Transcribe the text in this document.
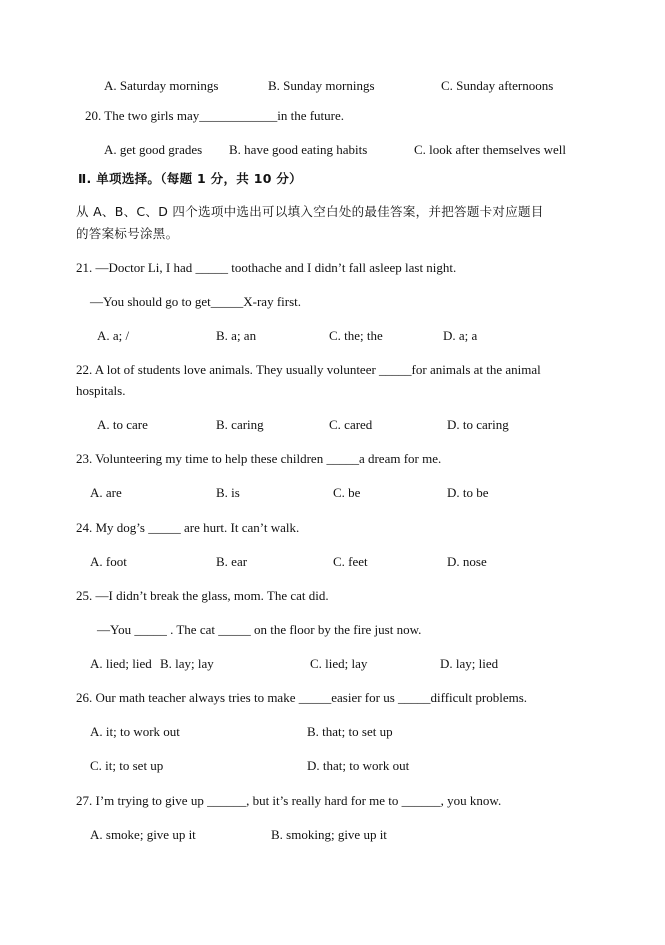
A. Saturday mornings	B. Sunday mornings	C. Sunday afternoons
20. The two girls may____________in the future.
A. get good grades B. have good eating habits	C. look after themselves well
Ⅱ. 单项选择。（每题 1 分，共 10 分）
从 A、B、C、D 四个选项中选出可以填入空白处的最佳答案，并把答题卡对应题目
的答案标号涂黑。
21. —Doctor Li, I had _____ toothache and I didn’t fall asleep last night.
—You should go to get_____X-ray first.
A. a; /	B. a; an	C. the; the	D. a; a
22. A lot of students love animals. They usually volunteer _____for animals at the animal
hospitals.
A. to care	B. caring	C. cared	D. to caring
23. Volunteering my time to help these children _____a dream for me.
A. are	B. is	C. be	D. to be
24. My dog’s _____ are hurt. It can’t walk.
A. foot	B. ear	C. feet	D. nose
25. —I didn’t break the glass, mom. The cat did.
—You _____ . The cat _____ on the floor by the fire just now.
A. lied; lied B. lay; lay	C. lied; lay	D. lay; lied
26. Our math teacher always tries to make _____easier for us _____difficult problems.
A. it; to work out	B. that; to set up
C. it; to set up	D. that; to work out
27. I’m trying to give up ______, but it’s really hard for me to ______, you know.
A. smoke; give up it	B. smoking; give up it
